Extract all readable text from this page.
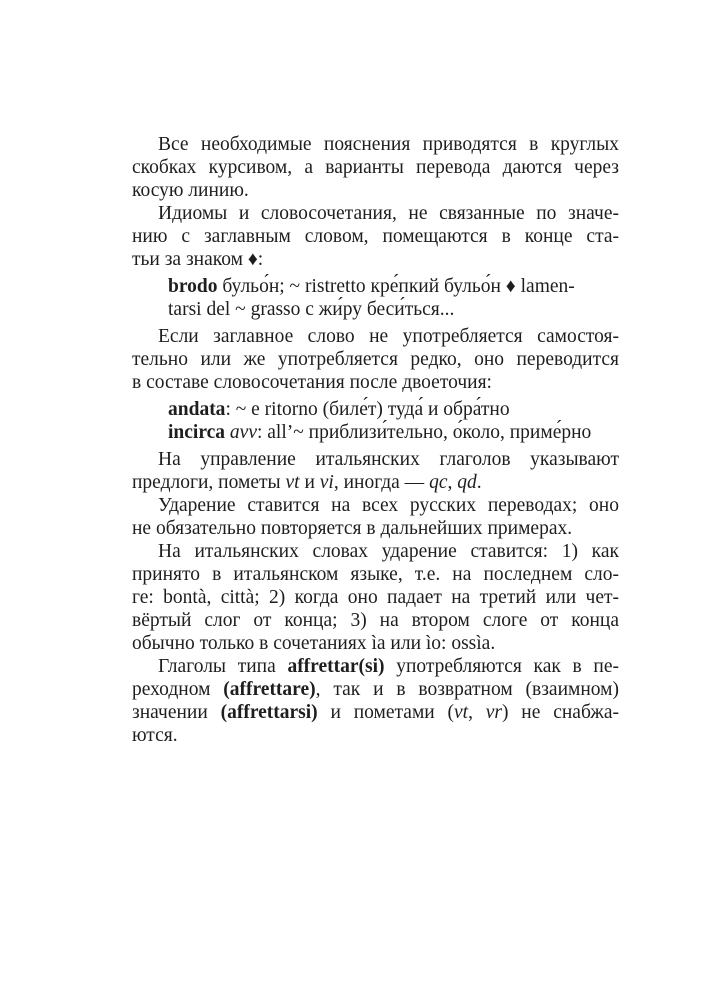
Все необходимые пояснения приводятся в круглых
скобках курсивом, а варианты перевода даются через
косую линию.
Идиомы и словосочетания, не связанные по значе-
нию с заглавным словом, помещаются в конце ста-
тьи за знаком ♦:
brodo бульо́н; ~ ristretto кре́пкий бульо́н ♦ lamen-
tarsi del ~ grasso с жи́ру беси́ться...
Если заглавное слово не употребляется самостоя-
тельно или же употребляется редко, оно переводится
в составе словосочетания после двоеточия:
andata: ~ e ritorno (биле́т) туда́ и обра́тно
incirca avv: all’~ приблизи́тельно, о́коло, приме́рно
На управление итальянских глаголов указывают
предлоги, пометы vt и vi, иногда — qc, qd.
Ударение ставится на всех русских переводах; оно
не обязательно повторяется в дальнейших примерах.
На итальянских словах ударение ставится: 1) как
принято в итальянском языке, т.е. на последнем сло-
ге: bontà, città; 2) когда оно падает на третий или чет-
вёртый слог от конца; 3) на втором слоге от конца
обычно только в сочетаниях ìa или ìo: ossìa.
Глаголы типа affrettar(si) употребляются как в пе-
реходном (affrettare), так и в возвратном (взаимном)
значении (affrettarsi) и пометами (vt, vr) не снабжа-
ются.
